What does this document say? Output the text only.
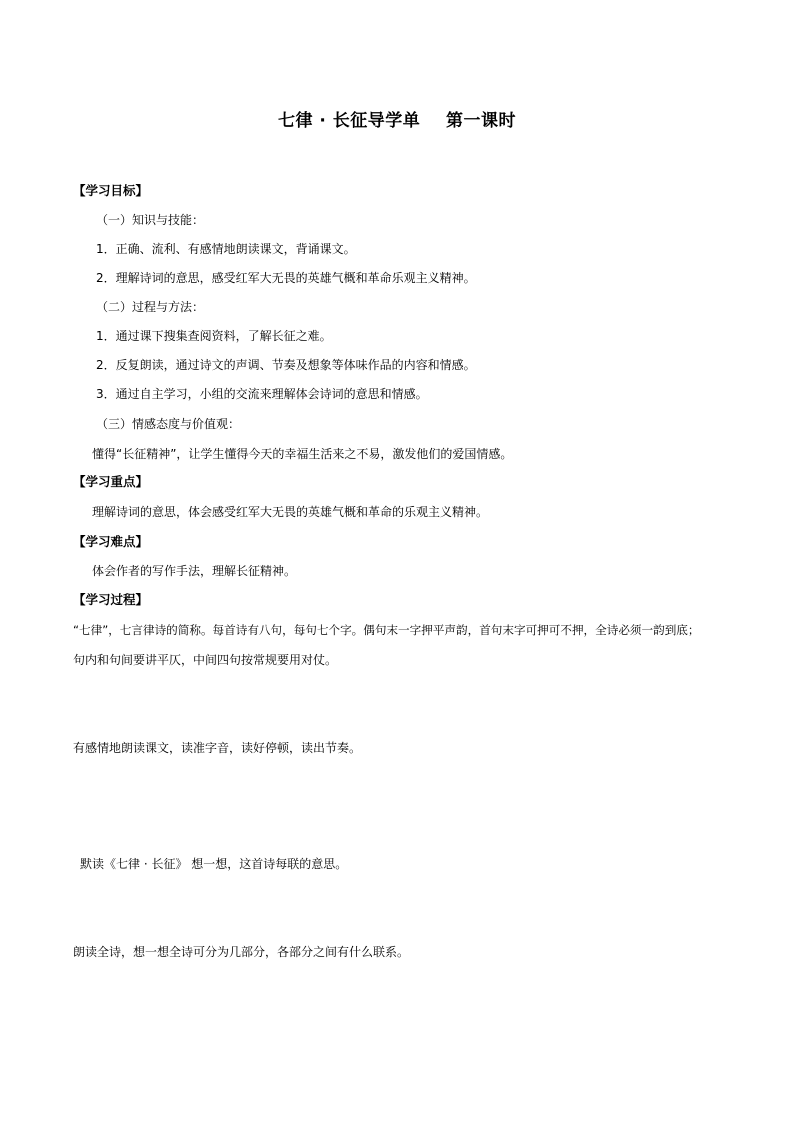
七律 · 长征导学单    第一课时
【学习目标】
（一）知识与技能：
1．正确、流利、有感情地朗读课文，背诵课文。
2．理解诗词的意思，感受红军大无畏的英雄气概和革命乐观主义精神。
（二）过程与方法：
1．通过课下搜集查阅资料，了解长征之难。
2．反复朗读，通过诗文的声调、节奏及想象等体味作品的内容和情感。
3．通过自主学习，小组的交流来理解体会诗词的意思和情感。
（三）情感态度与价值观：
懂得“长征精神”，让学生懂得今天的幸福生活来之不易，激发他们的爱国情感。
【学习重点】
理解诗词的意思，体会感受红军大无畏的英雄气概和革命的乐观主义精神。
【学习难点】
体会作者的写作手法，理解长征精神。
【学习过程】
“七律”，七言律诗的简称。每首诗有八句，每句七个字。偶句末一字押平声韵，首句末字可押可不押，全诗必须一韵到底；
句内和句间要讲平仄，中间四句按常规要用对仗。
有感情地朗读课文，读准字音，读好停顿，读出节奏。
默读《七律 · 长征》 想一想，这首诗每联的意思。
朗读全诗，想一想全诗可分为几部分，各部分之间有什么联系。
